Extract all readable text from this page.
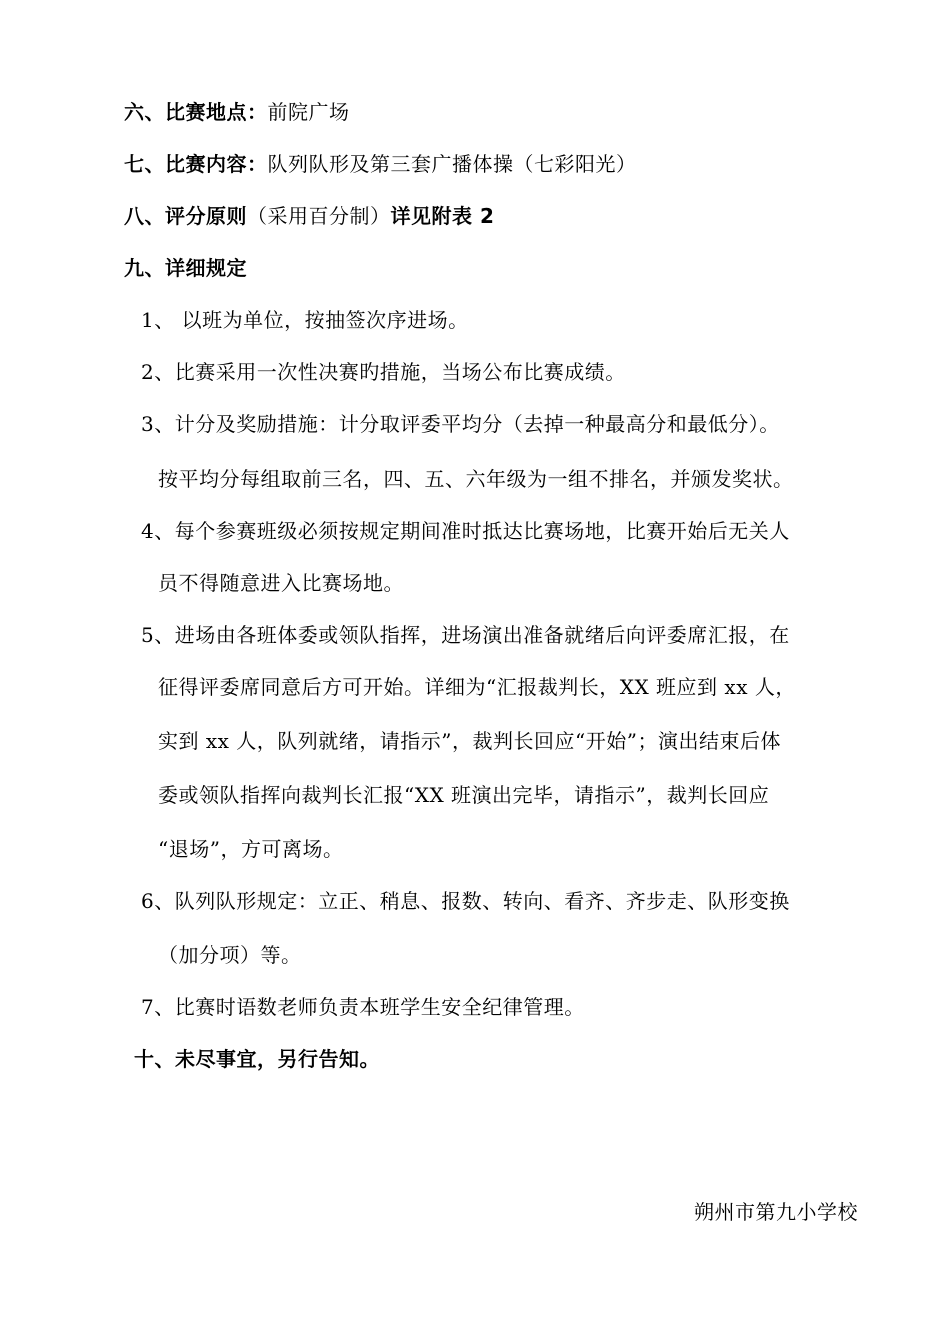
六、比赛地点：前院广场
七、比赛内容：队列队形及第三套广播体操（七彩阳光）
八、评分原则（采用百分制）详见附表 2
九、详细规定
1、 以班为单位，按抽签次序进场。
2、比赛采用一次性决赛旳措施，当场公布比赛成绩。
3、计分及奖励措施：计分取评委平均分（去掉一种最高分和最低分）。
按平均分每组取前三名，四、五、六年级为一组不排名，并颁发奖状。
4、每个参赛班级必须按规定期间准时抵达比赛场地，比赛开始后无关人
员不得随意进入比赛场地。
5、进场由各班体委或领队指挥，进场演出准备就绪后向评委席汇报，在
征得评委席同意后方可开始。详细为“汇报裁判长，XX 班应到 xx 人，
实到 xx 人，队列就绪，请指示”，裁判长回应“开始”；演出结束后体
委或领队指挥向裁判长汇报“XX 班演出完毕，请指示”，裁判长回应
“退场”，方可离场。
6、队列队形规定：立正、稍息、报数、转向、看齐、齐步走、队形变换
（加分项）等。
7、比赛时语数老师负责本班学生安全纪律管理。
十、未尽事宜，另行告知。
朔州市第九小学校
